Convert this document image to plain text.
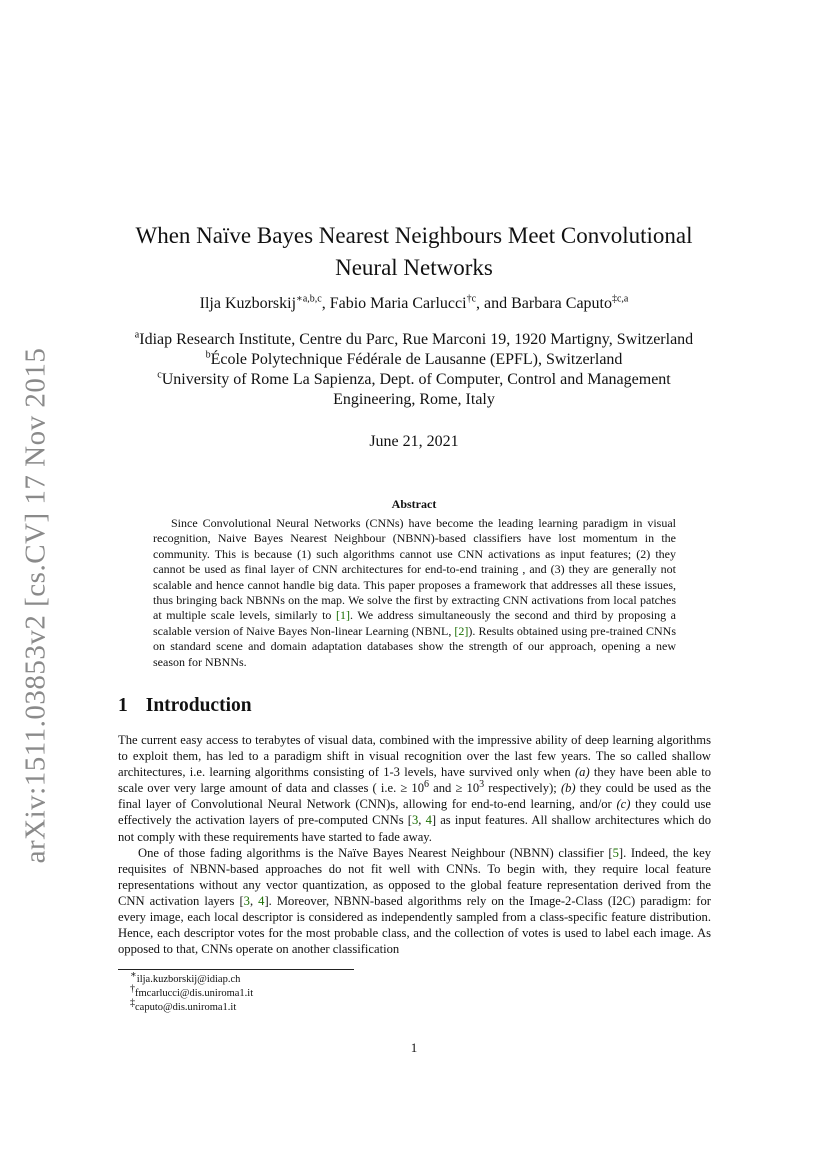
arXiv:1511.03853v2 [cs.CV] 17 Nov 2015
When Naïve Bayes Nearest Neighbours Meet Convolutional
Neural Networks
Ilja Kuzborskij$^{∗a,b,c}$, Fabio Maria Carlucci$^{\dagger c}$, and Barbara Caputo$^{\ddagger c,a}$
$^a$Idiap Research Institute, Centre du Parc, Rue Marconi 19, 1920 Martigny, Switzerland
$^b$École Polytechnique Fédérale de Lausanne (EPFL), Switzerland
$^c$University of Rome La Sapienza, Dept. of Computer, Control and Management
Engineering, Rome, Italy
June 21, 2021
Abstract

Since Convolutional Neural Networks (CNNs) have become the leading learning paradigm in visual recognition, Naive Bayes Nearest Neighbour (NBNN)-based classifiers have lost momentum in the community. This is because (1) such algorithms cannot use CNN activations as input features; (2) they cannot be used as final layer of CNN architectures for end-to-end training , and (3) they are generally not scalable and hence cannot handle big data. This paper proposes a framework that addresses all these issues, thus bringing back NBNNs on the map. We solve the first by extracting CNN activations from local patches at multiple scale levels, similarly to [1]. We address simultaneously the second and third by proposing a scalable version of Naive Bayes Non-linear Learning (NBNL, [2]). Results obtained using pre-trained CNNs on standard scene and domain adaptation databases show the strength of our approach, opening a new season for NBNNs.

1 Introduction

The current easy access to terabytes of visual data, combined with the impressive ability of deep learning algorithms to exploit them, has led to a paradigm shift in visual recognition over the last few years. The so called shallow architectures, i.e. learning algorithms consisting of 1-3 levels, have survived only when (a) they have been able to scale over very large amount of data and classes ( i.e. ≥ $10^6$ and ≥ $10^3$ respectively); (b) they could be used as the final layer of Convolutional Neural Network (CNN)s, allowing for end-to-end learning, and/or (c) they could use effectively the activation layers of pre-computed CNNs [3, 4] as input features. All shallow architectures which do not comply with these requirements have started to fade away.

One of those fading algorithms is the Naïve Bayes Nearest Neighbour (NBNN) classifier [5]. Indeed, the key requisites of NBNN-based approaches do not fit well with CNNs. To begin with, they require local feature representations without any vector quantization, as opposed to the global feature representation derived from the CNN activation layers [3, 4]. Moreover, NBNN-based algorithms rely on the Image-2-Class (I2C) paradigm: for every image, each local descriptor is considered as independently sampled from a class-specific feature distribution. Hence, each descriptor votes for the most probable class, and the collection of votes is used to label each image. As opposed to that, CNNs operate on another classification

∗ilja.kuzborskij@idiap.ch
†fmcarlucci@dis.uniroma1.it
‡caputo@dis.uniroma1.it
1
